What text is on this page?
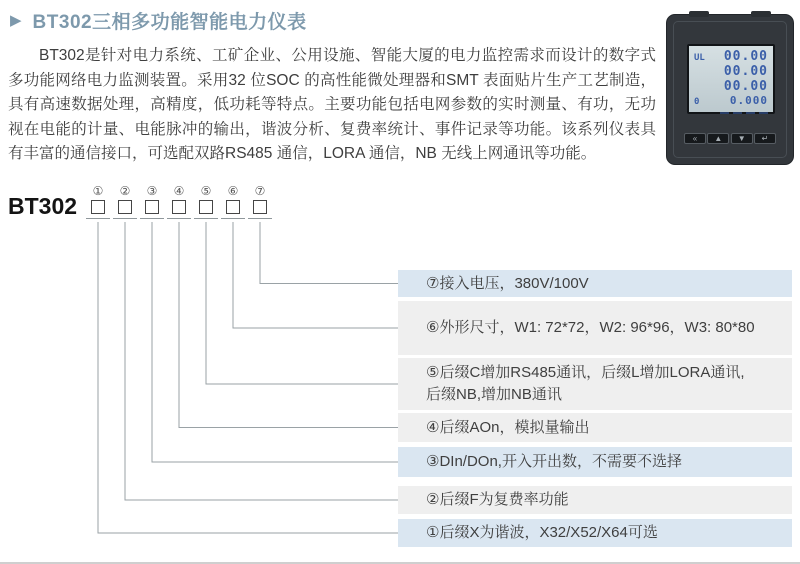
▶ BT302三相多功能智能电力仪表

BT302是针对电力系统、工矿企业、公用设施、智能大厦的电力监控需求而设计的数字式多功能网络电力监测装置。采用32 位SOC 的高性能微处理器和SMT 表面贴片生产工艺制造，具有高速数据处理，高精度，低功耗等特点。主要功能包括电网参数的实时测量、有功，无功视在电能的计量、电能脉冲的输出，谐波分析、复费率统计、事件记录等功能。该系列仪表具有丰富的通信接口，可选配双路RS485 通信，LORA 通信，NB 无线上网通讯等功能。

UL 00.00
00.00
00.00
0	0.000
«	▲	▼	↵
BT302
①	②	③	④	⑤	⑥	⑦
⑦接入电压，380V/100V
⑥外形尺寸，W1: 72*72，W2: 96*96，W3: 80*80
⑤后缀C增加RS485通讯，后缀L增加LORA通讯,
后缀NB,增加NB通讯
④后缀AOn，模拟量输出
③DIn/DOn,开入开出数，不需要不选择
②后缀F为复费率功能
①后缀X为谐波，X32/X52/X64可选
